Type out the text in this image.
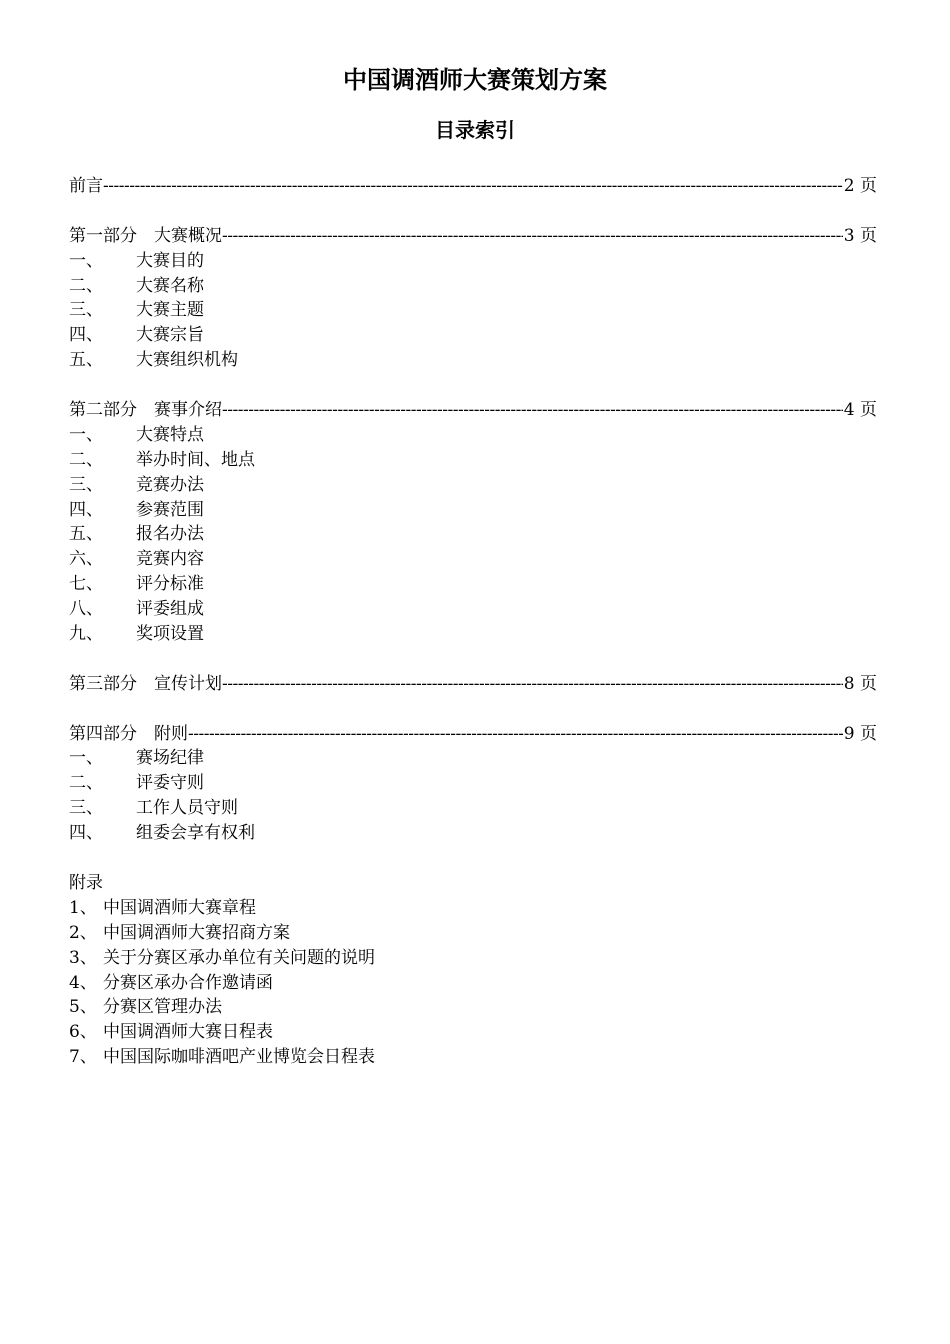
中国调酒师大赛策划方案
目录索引
前言 -----	2 页
第一部分　大赛概况 -----	3 页
一、 大赛目的
二、 大赛名称
三、 大赛主题
四、 大赛宗旨
五、 大赛组织机构
第二部分　赛事介绍 -----	4 页
一、 大赛特点
二、 举办时间、地点
三、 竞赛办法
四、 参赛范围
五、 报名办法
六、 竞赛内容
七、 评分标准
八、 评委组成
九、 奖项设置
第三部分　宣传计划 -----	8 页
第四部分　附则 -----	9 页
一、 赛场纪律
二、 评委守则
三、 工作人员守则
四、 组委会享有权利
附录
1、 中国调酒师大赛章程
2、 中国调酒师大赛招商方案
3、 关于分赛区承办单位有关问题的说明
4、 分赛区承办合作邀请函
5、 分赛区管理办法
6、 中国调酒师大赛日程表
7、 中国国际咖啡酒吧产业博览会日程表
